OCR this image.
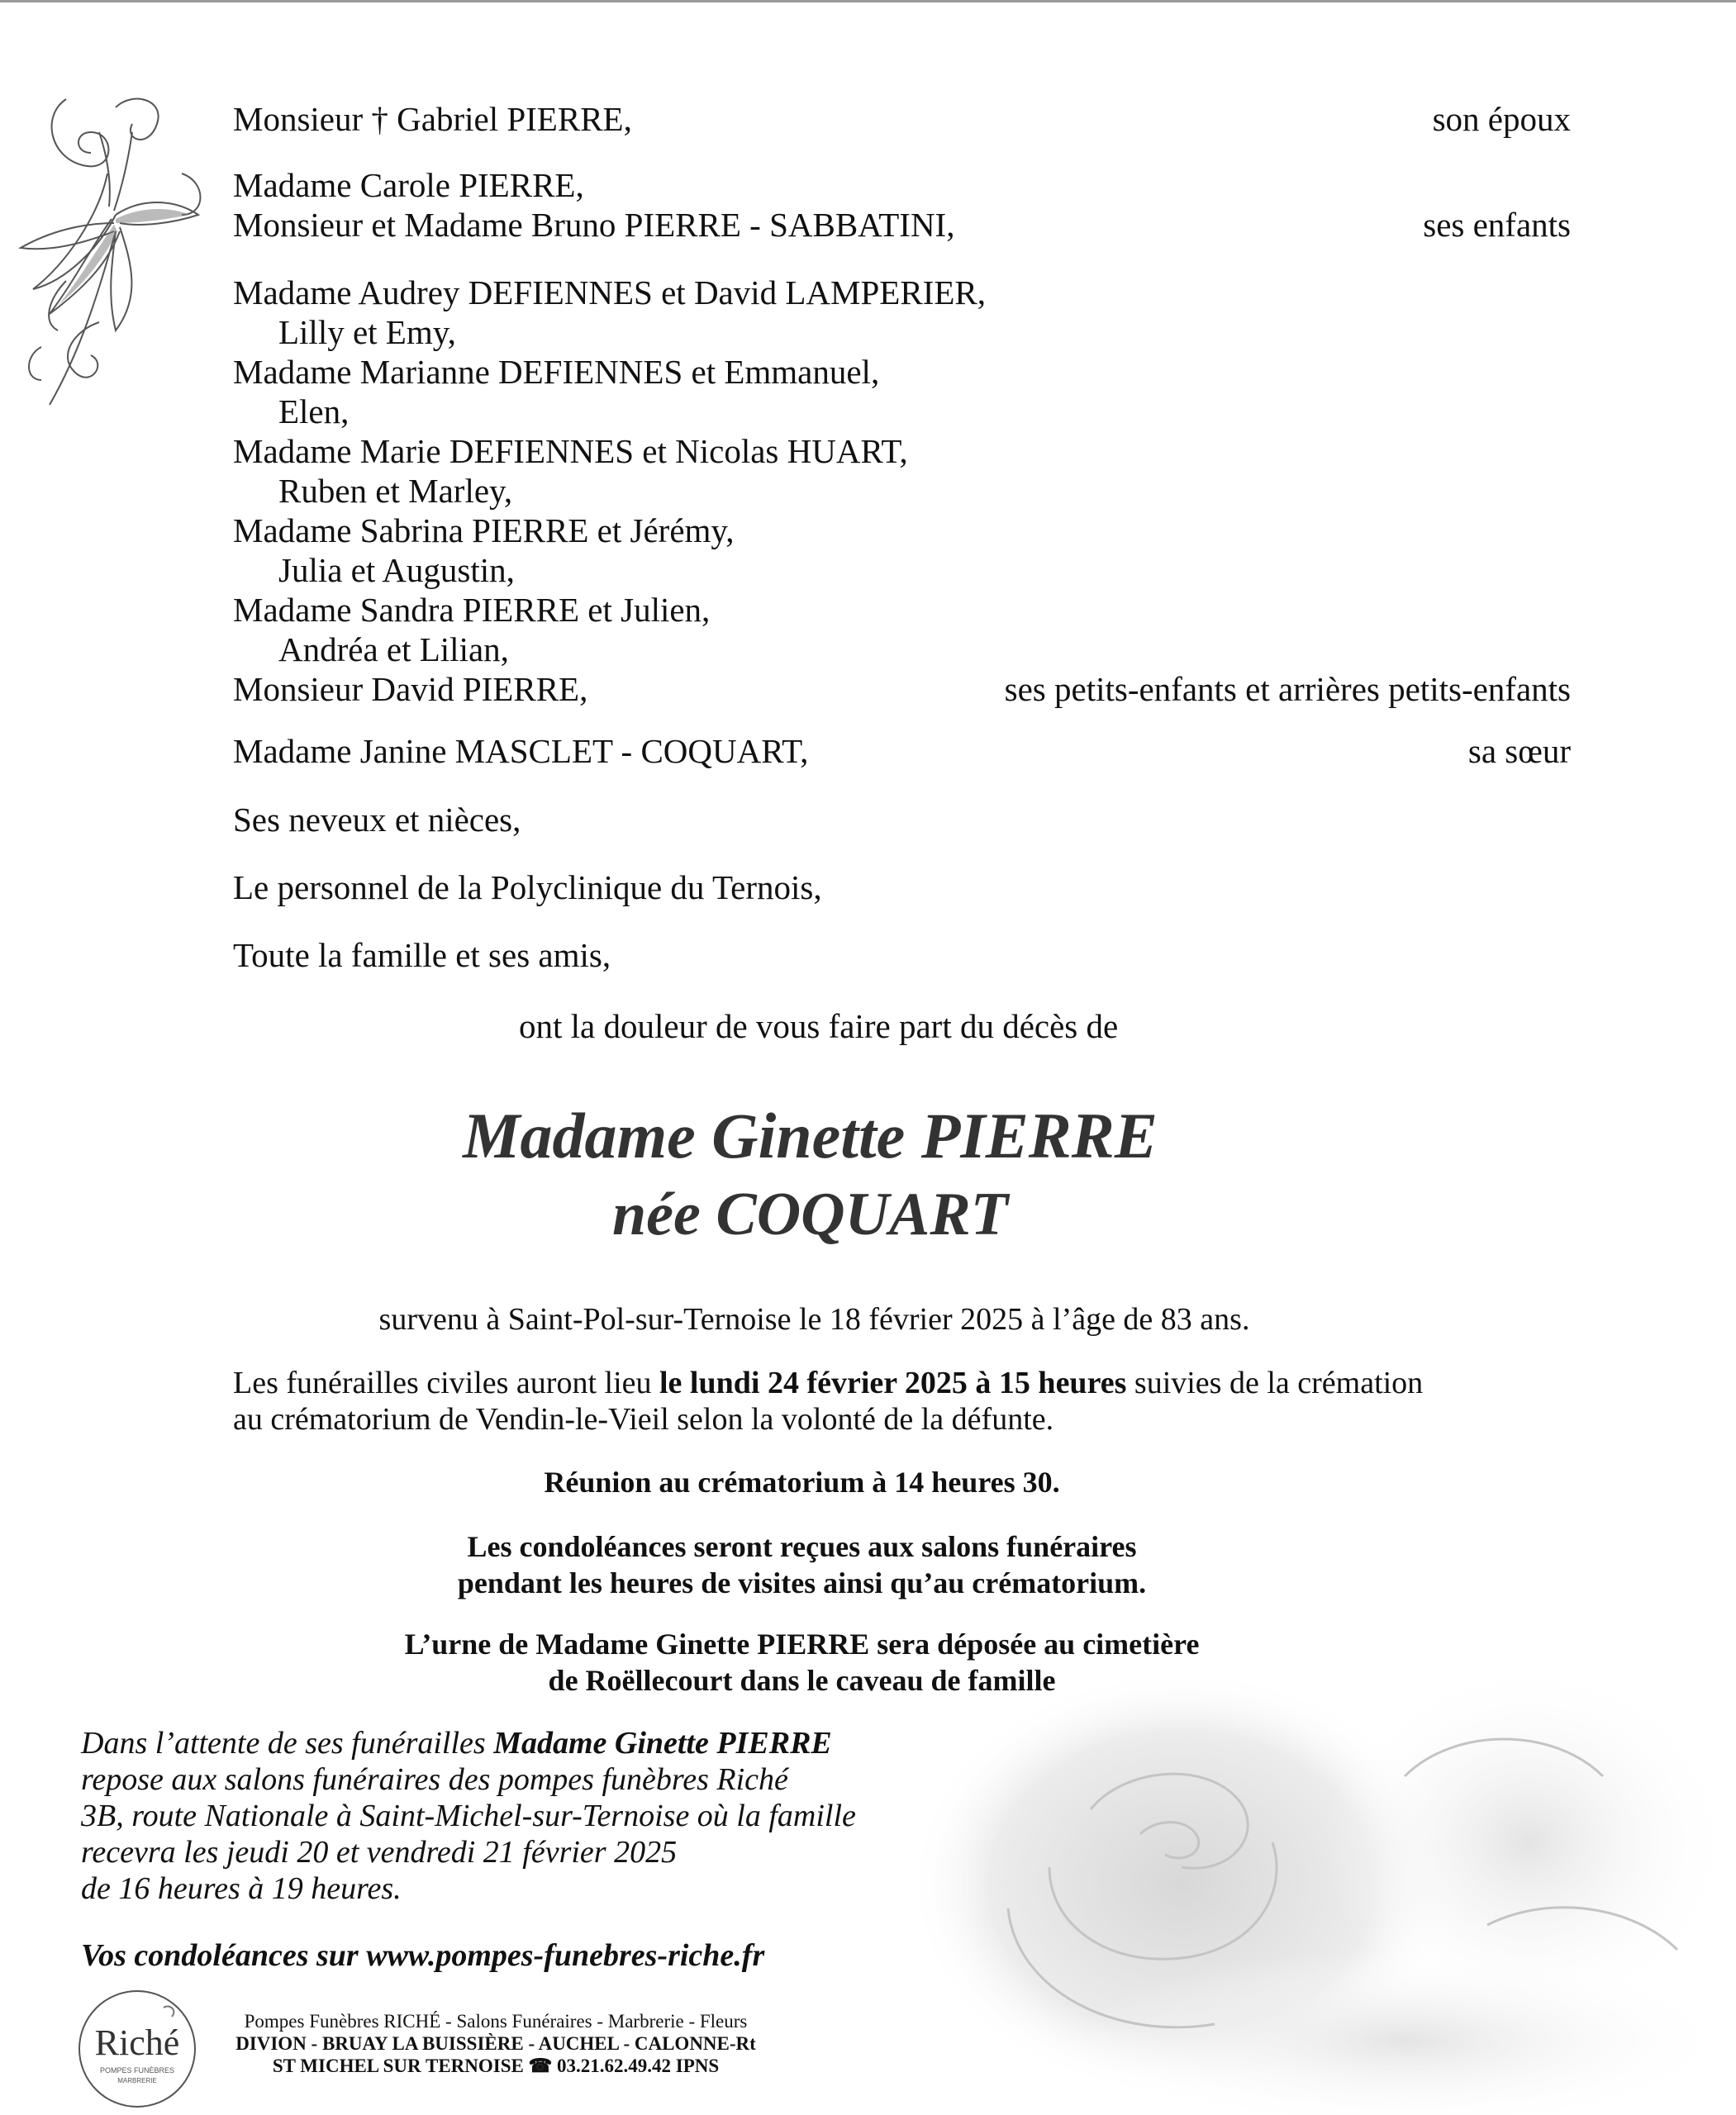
Monsieur † Gabriel PIERRE,	son époux
Madame Carole PIERRE,
Monsieur et Madame Bruno PIERRE - SABBATINI,	ses enfants
Madame Audrey DEFIENNES et David LAMPERIER,
Lilly et Emy,
Madame Marianne DEFIENNES et Emmanuel,
Elen,
Madame Marie DEFIENNES et Nicolas HUART,
Ruben et Marley,
Madame Sabrina PIERRE et Jérémy,
Julia et Augustin,
Madame Sandra PIERRE et Julien,
Andréa et Lilian,
Monsieur David PIERRE,	ses petits-enfants et arrières petits-enfants
Madame Janine MASCLET - COQUART,	sa sœur
Ses neveux et nièces,
Le personnel de la Polyclinique du Ternois,
Toute la famille et ses amis,
ont la douleur de vous faire part du décès de
Madame Ginette PIERRE
née COQUART
survenu à Saint-Pol-sur-Ternoise le 18 février 2025 à l’âge de 83 ans.
Les funérailles civiles auront lieu le lundi 24 février 2025 à 15 heures suivies de la crémation
au crématorium de Vendin-le-Vieil selon la volonté de la défunte.
Réunion au crématorium à 14 heures 30.
Les condoléances seront reçues aux salons funéraires
pendant les heures de visites ainsi qu’au crématorium.
L’urne de Madame Ginette PIERRE sera déposée au cimetière
de Roëllecourt dans le caveau de famille
Dans l’attente de ses funérailles Madame Ginette PIERRE
repose aux salons funéraires des pompes funèbres Riché
3B, route Nationale à Saint-Michel-sur-Ternoise où la famille
recevra les jeudi 20 et vendredi 21 février 2025
de 16 heures à 19 heures.
Vos condoléances sur www.pompes-funebres-riche.fr
Riché
POMPES FUNÈBRES
MARBRERIE
Pompes Funèbres RICHÉ - Salons Funéraires - Marbrerie - Fleurs
DIVION - BRUAY LA BUISSIÈRE - AUCHEL - CALONNE-Rt
ST MICHEL SUR TERNOISE ☎ 03.21.62.49.42 IPNS
